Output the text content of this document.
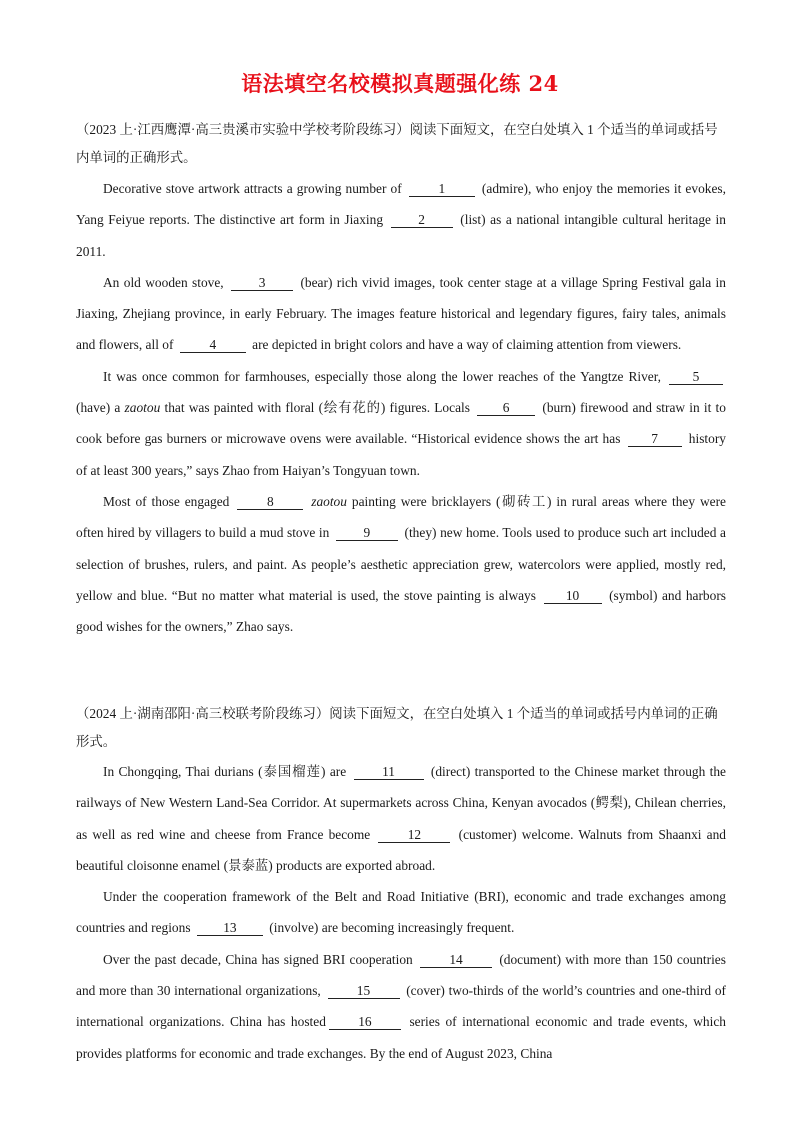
语法填空名校模拟真题强化练 24
（2023 上·江西鹰潭·高三贵溪市实验中学校考阶段练习）阅读下面短文，在空白处填入 1 个适当的单词或括号内单词的正确形式。

Decorative stove artwork attracts a growing number of	1	(admire), who enjoy the memories it evokes, Yang Feiyue reports. The distinctive art form in Jiaxing	2	(list) as a national intangible cultural heritage in 2011.

An old wooden stove,	3	(bear) rich vivid images, took center stage at a village Spring Festival gala in Jiaxing, Zhejiang province, in early February. The images feature historical and legendary figures, fairy tales, animals and flowers, all of	4	are depicted in bright colors and have a way of claiming attention from viewers.

It was once common for farmhouses, especially those along the lower reaches of the Yangtze River, 5 (have) a zaotou that was painted with floral (绘有花的) figures. Locals 6 (burn) firewood and straw in it to cook before gas burners or microwave ovens were available. “Historical evidence shows the art has 7 history of at least 300 years,” says Zhao from Haiyan’s Tongyuan town.

Most of those engaged	8	zaotou painting were bricklayers (砌砖工) in rural areas where they were often hired by villagers to build a mud stove in	9	(they) new home. Tools used to produce such art included a selection of brushes, rulers, and paint. As people’s aesthetic appreciation grew, watercolors were applied, mostly red, yellow and blue. “But no matter what material is used, the stove painting is always 10 (symbol) and harbors good wishes for the owners,” Zhao says.

（2024 上·湖南邵阳·高三校联考阶段练习）阅读下面短文，在空白处填入 1 个适当的单词或括号内单词的正确形式。

In Chongqing, Thai durians (泰国榴莲) are	11	(direct) transported to the Chinese market through the railways of New Western Land-Sea Corridor. At supermarkets across China, Kenyan avocados (鳄梨), Chilean cherries, as well as red wine and cheese from France become	12	(customer) welcome. Walnuts from Shaanxi and beautiful cloisonne enamel (景泰蓝) products are exported abroad.

Under the cooperation framework of the Belt and Road Initiative (BRI), economic and trade exchanges among countries and regions 13 (involve) are becoming increasingly frequent.

Over the past decade, China has signed BRI cooperation	14	(document) with more than 150 countries and more than 30 international organizations,	15	(cover) two-thirds of the world’s countries and one-third of international organizations. China has hosted 16	series of international economic and trade events, which provides platforms for economic and trade exchanges. By the end of August 2023, China
